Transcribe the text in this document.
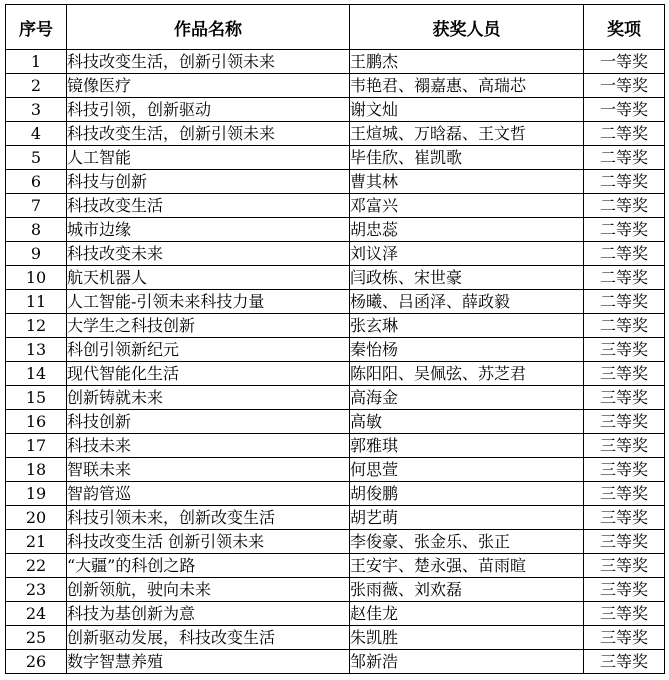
序号	作品名称	获奖人员	奖项
1	科技改变生活，创新引领未来	王鹏杰	一等奖
2	镜像医疗	韦艳君、禤嘉惠、高瑞芯	一等奖
3	科技引领，创新驱动	谢文灿	一等奖
4	科技改变生活，创新引领未来	王煊城、万晗磊、王文哲	二等奖
5	人工智能	毕佳欣、崔凯歌	二等奖
6	科技与创新	曹其林	二等奖
7	科技改变生活	邓富兴	二等奖
8	城市边缘	胡忠蕊	二等奖
9	科技改变未来	刘议泽	二等奖
10	航天机器人	闫政栋、宋世豪	二等奖
11	人工智能-引领未来科技力量	杨曦、吕函泽、薛政毅	二等奖
12	大学生之科技创新	张玄琳	二等奖
13	科创引领新纪元	秦怡杨	三等奖
14	现代智能化生活	陈阳阳、吴佩弦、苏芝君	三等奖
15	创新铸就未来	高海金	三等奖
16	科技创新	高敏	三等奖
17	科技未来	郭雅琪	三等奖
18	智联未来	何思萱	三等奖
19	智韵管巡	胡俊鹏	三等奖
20	科技引领未来，创新改变生活	胡艺萌	三等奖
21	科技改变生活 创新引领未来	李俊豪、张金乐、张正	三等奖
22	“大疆”的科创之路	王安宇、楚永强、苗雨暄	三等奖
23	创新领航，驶向未来	张雨薇、刘欢磊	三等奖
24	科技为基创新为意	赵佳龙	三等奖
25	创新驱动发展，科技改变生活	朱凯胜	三等奖
26	数字智慧养殖	邹新浩	三等奖
